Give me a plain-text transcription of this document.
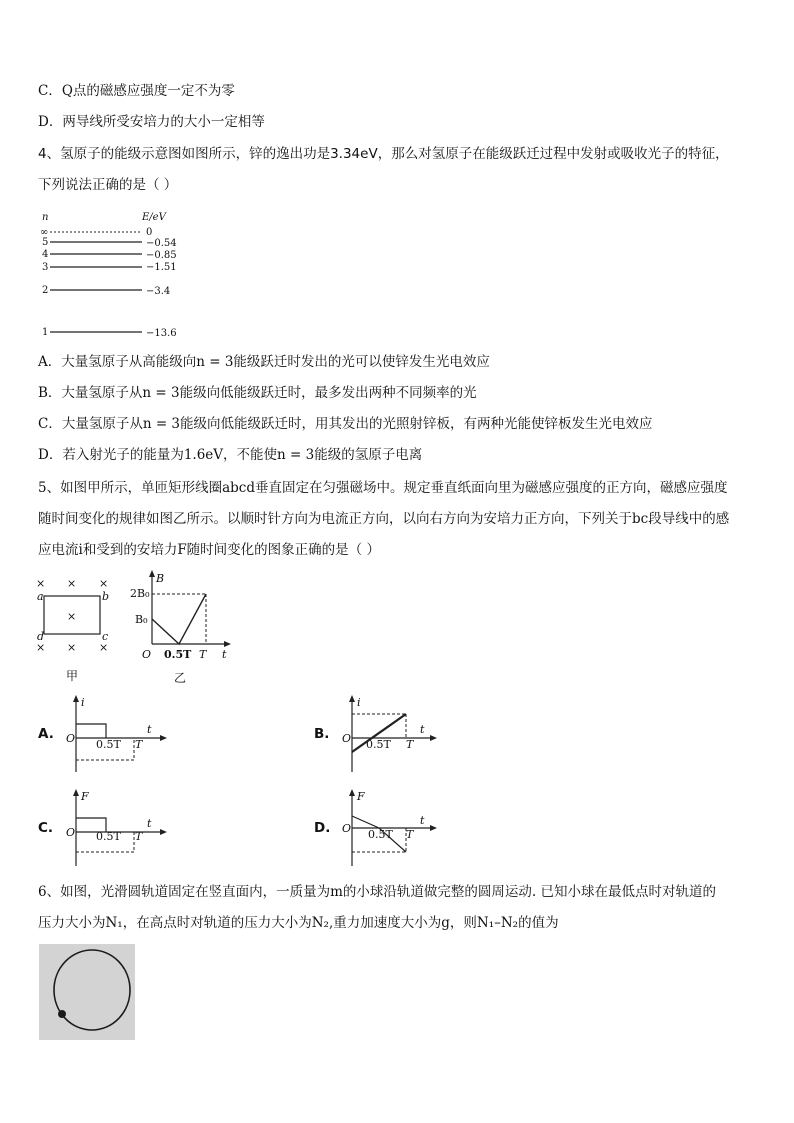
C．Q点的磁感应强度一定不为零
D．两导线所受安培力的大小一定相等
4、氢原子的能级示意图如图所示，锌的逸出功是3.34eV，那么对氢原子在能级跃迁过程中发射或吸收光子的特征，
下列说法正确的是（ ）
n	E/eV
∞	0
5	−0.54
4	−0.85
3	−1.51
2	−3.4
1	−13.6
A．大量氢原子从高能级向n = 3能级跃迁时发出的光可以使锌发生光电效应
B．大量氢原子从n = 3能级向低能级跃迁时，最多发出两种不同频率的光
C．大量氢原子从n = 3能级向低能级跃迁时，用其发出的光照射锌板，有两种光能使锌板发生光电效应
D．若入射光子的能量为1.6eV，不能使n = 3能级的氢原子电离
5、如图甲所示，单匝矩形线圈abcd垂直固定在匀强磁场中。规定垂直纸面向里为磁感应强度的正方向，磁感应强度
随时间变化的规律如图乙所示。以顺时针方向为电流正方向，以向右方向为安培力正方向，下列关于bc段导线中的感
应电流i和受到的安培力F随时间变化的图象正确的是（ ）
× × ×
×
× × ×
a	b
d	c
甲
B
t
2B₀
B₀
O 0.5T T
乙
A.
i
t
O 0.5T T
B.
i
t
O 0.5T T
C.
F
t
O 0.5T T
D.
F
t
O 0.5T T
6、如图，光滑圆轨道固定在竖直面内，一质量为m的小球沿轨道做完整的圆周运动. 已知小球在最低点时对轨道的
压力大小为N₁，在高点时对轨道的压力大小为N₂,重力加速度大小为g，则N₁–N₂的值为
